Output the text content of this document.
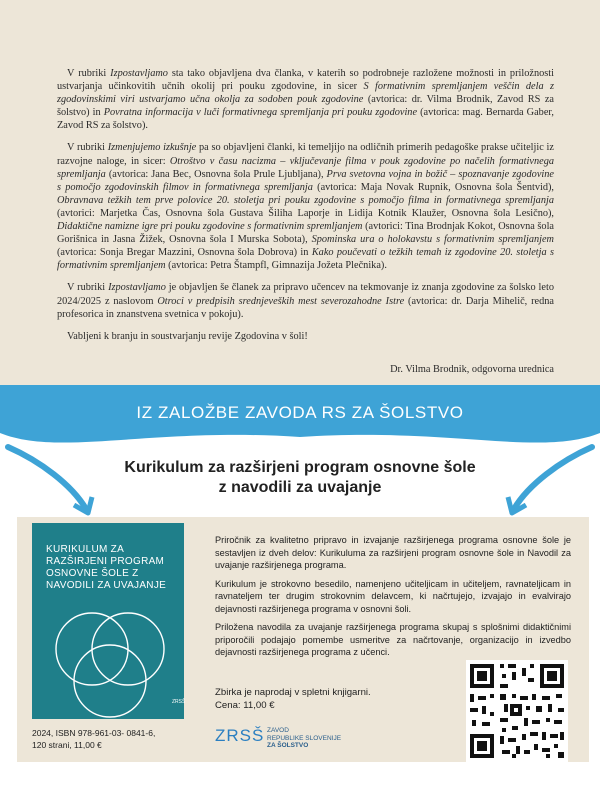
V rubriki Izpostavljamo sta tako objavljena dva članka, v katerih so podrobneje razložene možnosti in priložnosti ustvarjanja učinkovitih učnih okolij pri pouku zgodovine, in sicer S formativnim spremljanjem veščin dela z zgodovinskimi viri ustvarjamo učna okolja za sodoben pouk zgodovine (avtorica: dr. Vilma Brodnik, Zavod RS za šolstvo) in Povratna informacija v luči formativnega spremljanja pri pouku zgodovine (avtorica: mag. Bernarda Gaber, Zavod RS za šolstvo).

V rubriki Izmenjujemo izkušnje pa so objavljeni članki, ki temeljijo na odličnih primerih pedagoške prakse učiteljic iz razvojne naloge, in sicer: Otroštvo v času nacizma – vključevanje filma v pouk zgodovine po načelih formativnega spremljanja (avtorica: Jana Bec, Osnovna šola Prule Ljubljana), Prva svetovna vojna in božič – spoznavanje zgodovine s pomočjo zgodovinskih filmov in formativnega spremljanja (avtorica: Maja Novak Rupnik, Osnovna šola Šentvid), Obravnava težkih tem prve polovice 20. stoletja pri pouku zgodovine s pomočjo filma in formativnega spremljanja (avtorici: Marjetka Čas, Osnovna šola Gustava Šiliha Laporje in Lidija Kotnik Klaužer, Osnovna šola Lesično), Didaktične namizne igre pri pouku zgodovine s formativnim spremljanjem (avtorici: Tina Brodnjak Kokot, Osnovna šola Gorišnica in Jasna Žižek, Osnovna šola I Murska Sobota), Spominska ura o holokavstu s formativnim spremljanjem (avtorica: Sonja Bregar Mazzini, Osnovna šola Dobrova) in Kako poučevati o težkih temah iz zgodovine 20. stoletja s formativnim spremljanjem (avtorica: Petra Štampfl, Gimnazija Jožeta Plečnika).

V rubriki Izpostavljamo je objavljen še članek za pripravo učencev na tekmovanje iz znanja zgodovine za šolsko leto 2024/2025 z naslovom Otroci v predpisih srednjeveških mest severozahodne Istre (avtorica: dr. Darja Mihelič, redna profesorica in znanstvena svetnica v pokoju).

Vabljeni k branju in soustvarjanju revije Zgodovina v šoli!

Dr. Vilma Brodnik, odgovorna urednica
IZ ZALOŽBE ZAVODA RS ZA ŠOLSTVO
Kurikulum za razširjeni program osnovne šole z navodili za uvajanje
KURIKULUM ZA RAZŠIRJENI PROGRAM OSNOVNE ŠOLE Z NAVODILI ZA UVAJANJE
ZRSŠ
2024, ISBN 978-961-03- 0841-6,
120 strani, 11,00 €

Priročnik za kvalitetno pripravo in izvajanje razširjenega programa osnovne šole je sestavljen iz dveh delov: Kurikuluma za razširjeni program osnovne šole in Navodil za uvajanje razširjenega programa.

Kurikulum je strokovno besedilo, namenjeno učiteljicam in učiteljem, ravnateljicam in ravnateljem ter drugim strokovnim delavcem, ki načrtujejo, izvajajo in evalvirajo dejavnosti razširjenega programa v osnovni šoli.

Priložena navodila za uvajanje razširjenega programa skupaj s splošnimi didaktičnimi priporočili podajajo pomembe usmeritve za načrtovanje, organizacijo in izvedbo dejavnosti razširjenega programa z učenci.

Zbirka je naprodaj v spletni knjigarni.
Cena: 11,00 €
ZRSŠ ZAVOD
REPUBLIKE SLOVENIJE
ZA ŠOLSTVO
